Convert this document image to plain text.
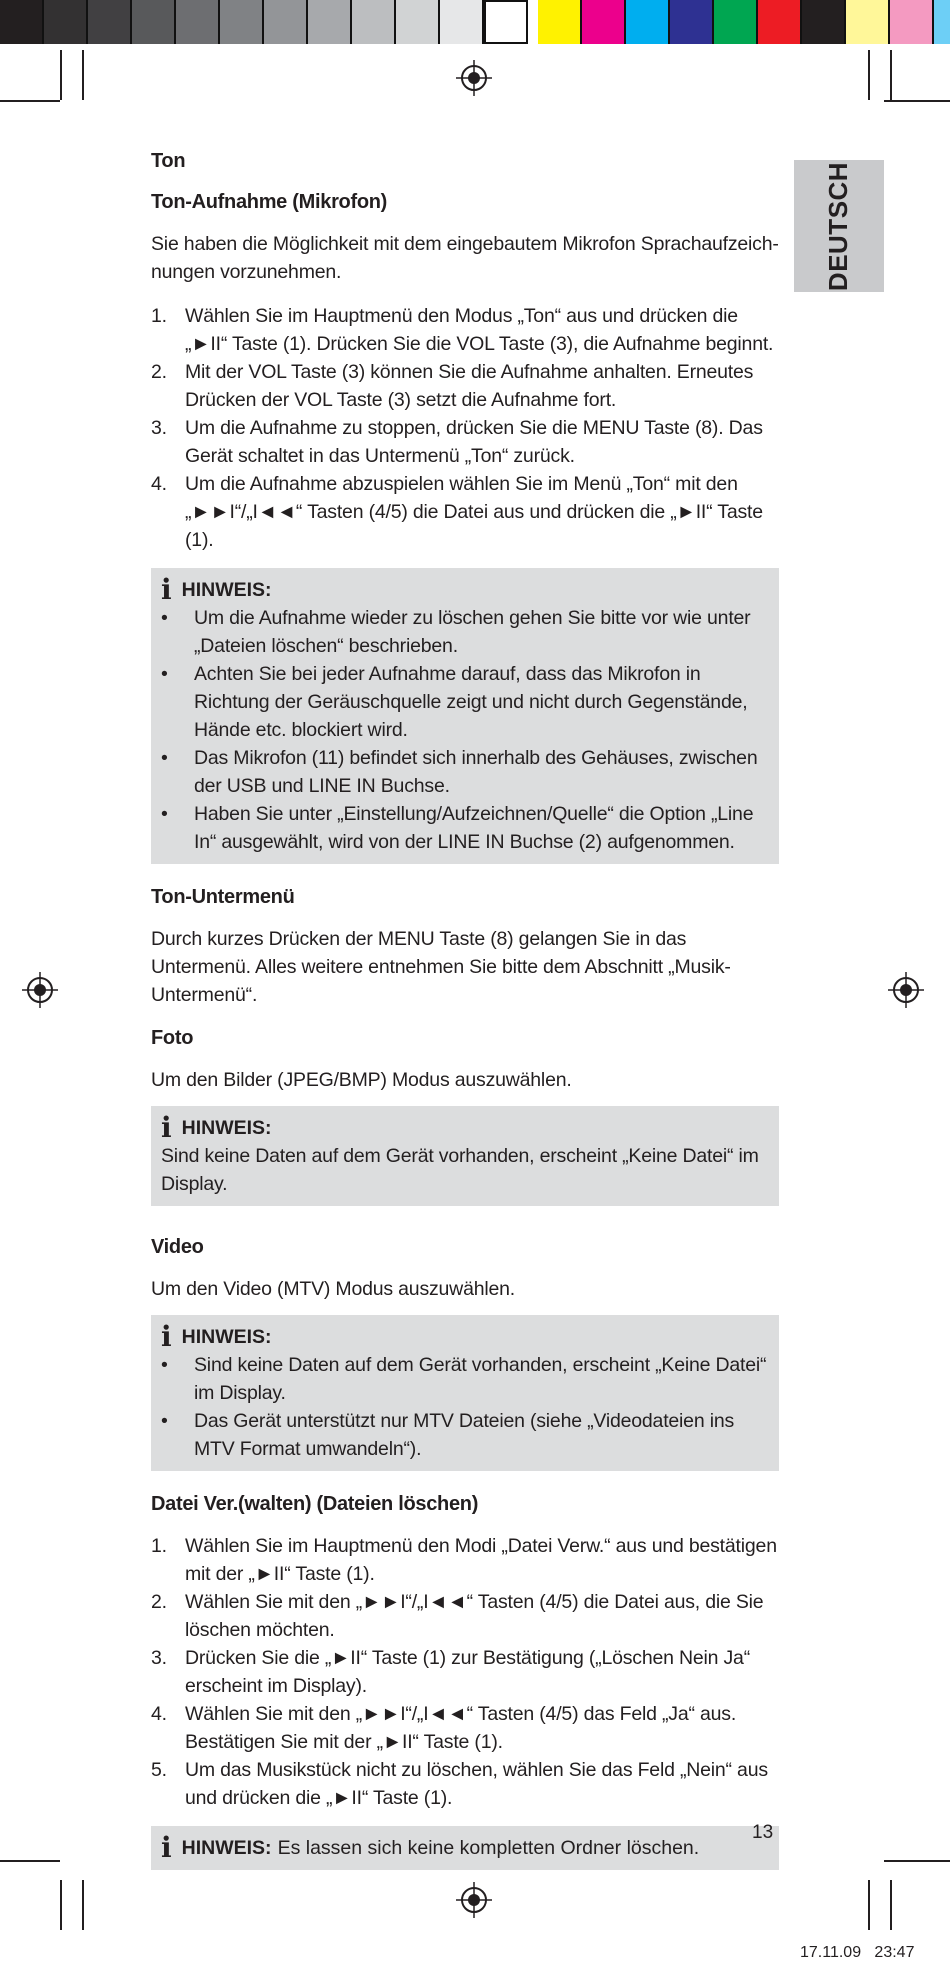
DEUTSCH
Ton
Ton-Aufnahme (Mikrofon)

Sie haben die Möglichkeit mit dem eingebautem Mikrofon Sprachaufzeich-nungen vorzunehmen.

1. Wählen Sie im Hauptmenü den Modus „Ton“ aus und drücken die „►II“ Taste (1). Drücken Sie die VOL Taste (3), die Aufnahme beginnt.
2. Mit der VOL Taste (3) können Sie die Aufnahme anhalten. Erneutes Drücken der VOL Taste (3) setzt die Aufnahme fort.
3. Um die Aufnahme zu stoppen, drücken Sie die MENU Taste (8). Das Gerät schaltet in das Untermenü „Ton“ zurück.
4. Um die Aufnahme abzuspielen wählen Sie im Menü „Ton“ mit den „►►I“/„I◄◄“ Tasten (4/5) die Datei aus und drücken die „►II“ Taste (1).
i HINWEIS:
• Um die Aufnahme wieder zu löschen gehen Sie bitte vor wie unter „Dateien löschen“ beschrieben.
• Achten Sie bei jeder Aufnahme darauf, dass das Mikrofon in Richtung der Geräuschquelle zeigt und nicht durch Gegenstände, Hände etc. blockiert wird.
• Das Mikrofon (11) befindet sich innerhalb des Gehäuses, zwischen der USB und LINE IN Buchse.
• Haben Sie unter „Einstellung/Aufzeichnen/Quelle“ die Option „Line In“ ausgewählt, wird von der LINE IN Buchse (2) aufgenommen.
Ton-Untermenü

Durch kurzes Drücken der MENU Taste (8) gelangen Sie in das Untermenü. Alles weitere entnehmen Sie bitte dem Abschnitt „Musik-Untermenü“.

Foto

Um den Bilder (JPEG/BMP) Modus auszuwählen.

i HINWEIS:
Sind keine Daten auf dem Gerät vorhanden, erscheint „Keine Datei“ im Display.
Video

Um den Video (MTV) Modus auszuwählen.

i HINWEIS:
• Sind keine Daten auf dem Gerät vorhanden, erscheint „Keine Datei“ im Display.
• Das Gerät unterstützt nur MTV Dateien (siehe „Videodateien ins MTV Format umwandeln“).
Datei Ver.(walten) (Dateien löschen)
1. Wählen Sie im Hauptmenü den Modi „Datei Verw.“ aus und bestätigen mit der „►II“ Taste (1).
2. Wählen Sie mit den „►►I“/„I◄◄“ Tasten (4/5) die Datei aus, die Sie löschen möchten.
3. Drücken Sie die „►II“ Taste (1) zur Bestätigung („Löschen Nein Ja“ erscheint im Display).
4. Wählen Sie mit den „►►I“/„I◄◄“ Tasten (4/5) das Feld „Ja“ aus. Bestätigen Sie mit der „►II“ Taste (1).
5. Um das Musikstück nicht zu löschen, wählen Sie das Feld „Nein“ aus und drücken die „►II“ Taste (1).
i HINWEIS: Es lassen sich keine kompletten Ordner löschen.
13
17.11.09   23:47
